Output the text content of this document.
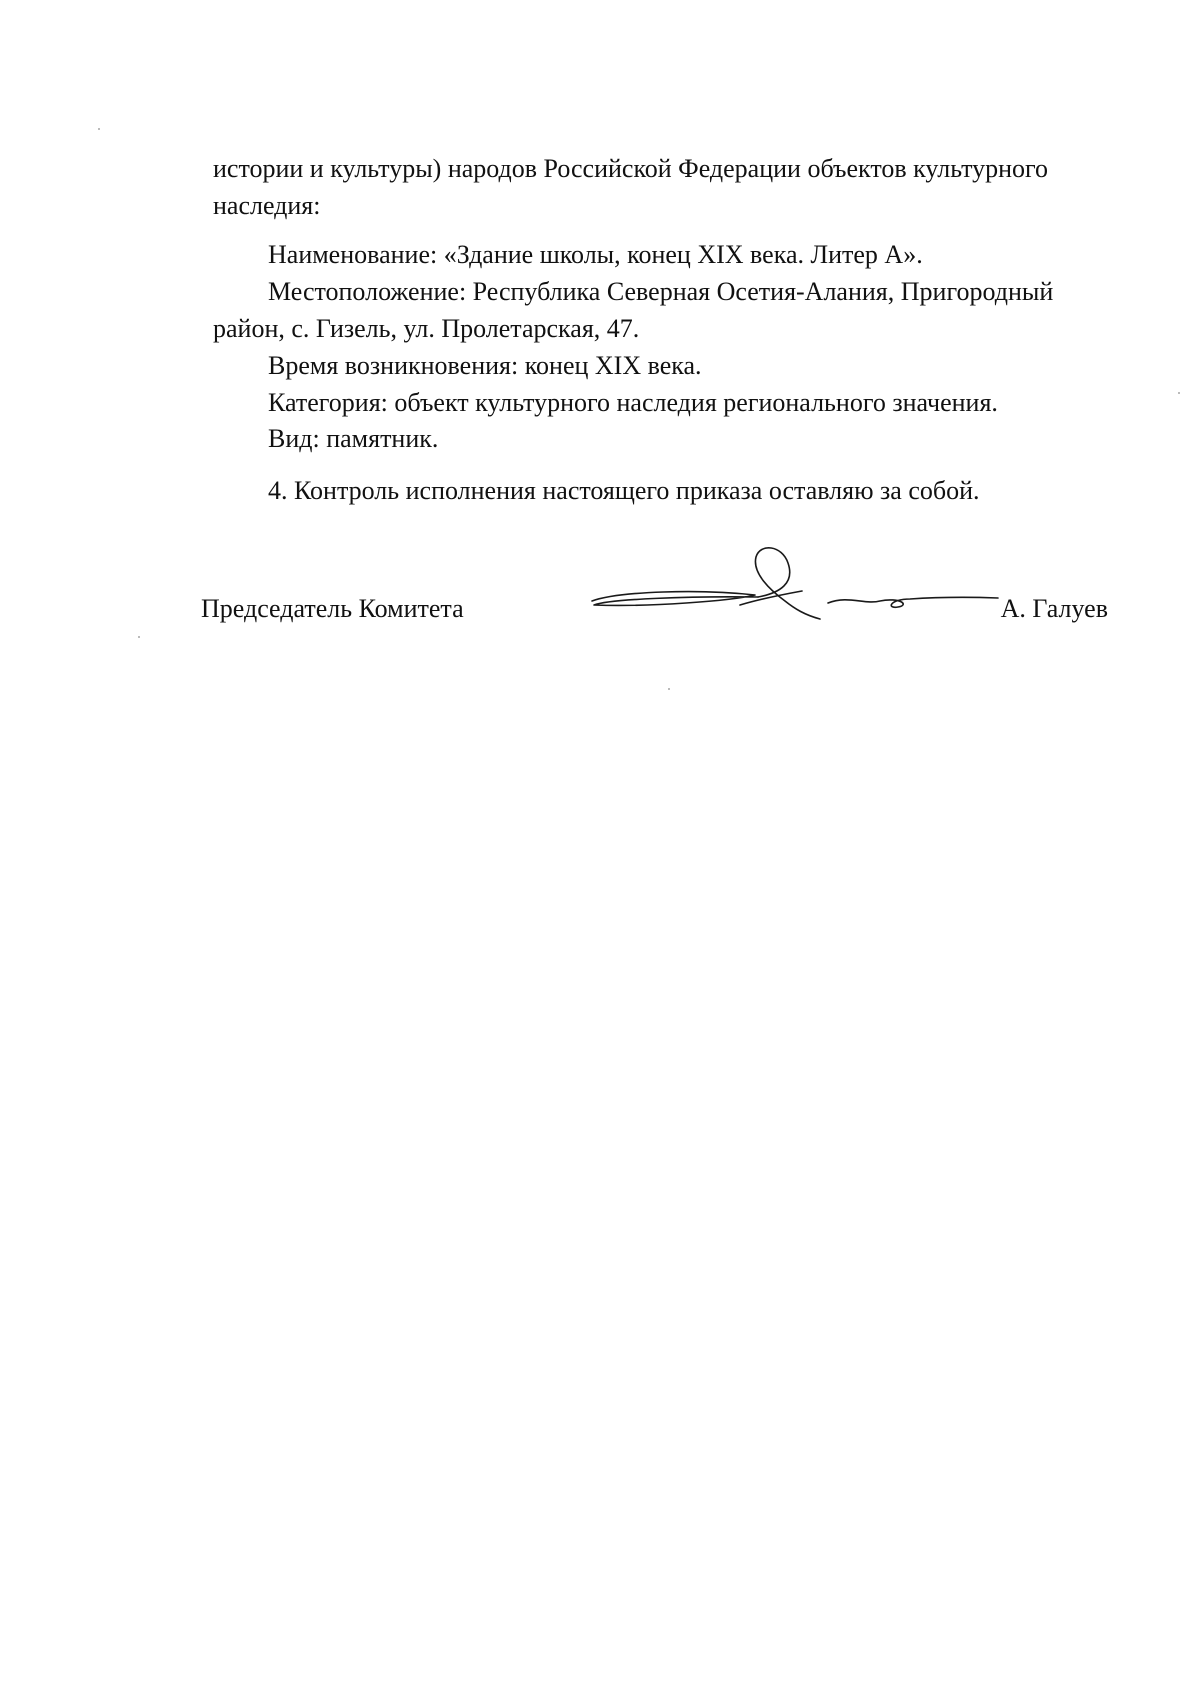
истории и культуры) народов Российской Федерации объектов культурного

наследия:

Наименование: «Здание школы, конец XIX века. Литер А».

Местоположение: Республика Северная Осетия-Алания, Пригородный

район, с. Гизель, ул. Пролетарская, 47.

Время возникновения: конец XIX века.

Категория: объект культурного наследия регионального значения.

Вид: памятник.

4. Контроль исполнения настоящего приказа оставляю за собой.

Председатель Комитета	А. Галуев
